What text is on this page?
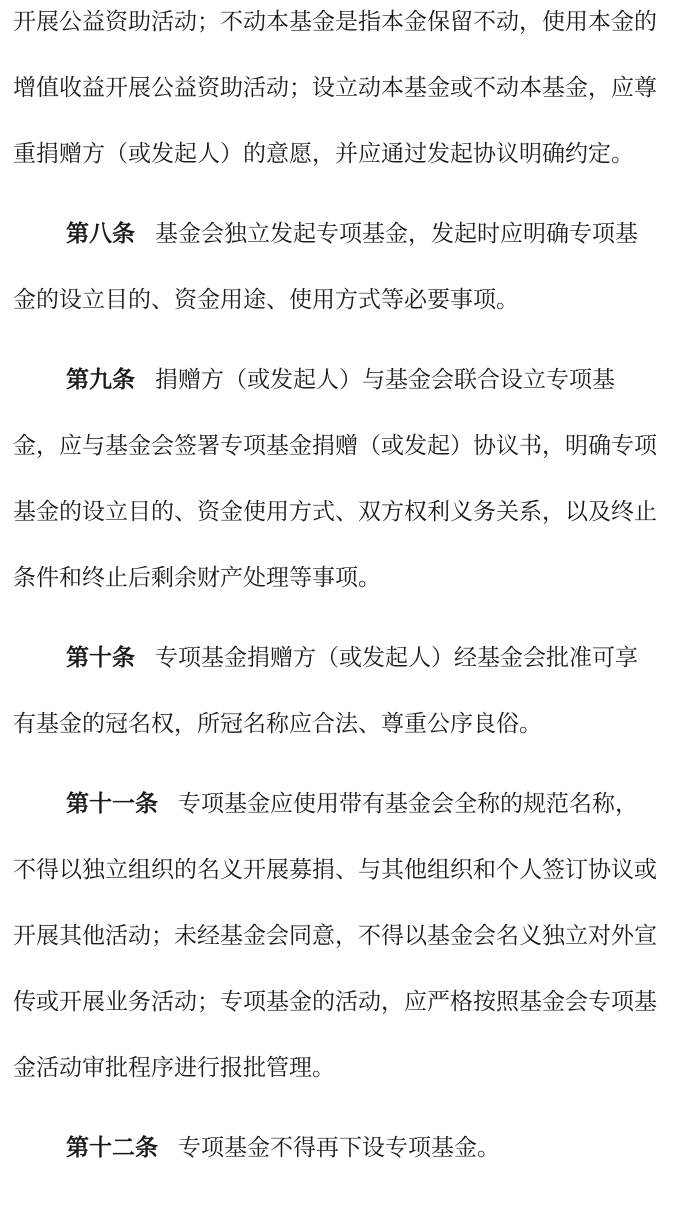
开展公益资助活动；不动本基金是指本金保留不动，使用本金的
增值收益开展公益资助活动；设立动本基金或不动本基金，应尊
重捐赠方（或发起人）的意愿，并应通过发起协议明确约定。
第八条 基金会独立发起专项基金，发起时应明确专项基
金的设立目的、资金用途、使用方式等必要事项。
第九条 捐赠方（或发起人）与基金会联合设立专项基
金，应与基金会签署专项基金捐赠（或发起）协议书，明确专项
基金的设立目的、资金使用方式、双方权利义务关系，以及终止
条件和终止后剩余财产处理等事项。
第十条 专项基金捐赠方（或发起人）经基金会批准可享
有基金的冠名权，所冠名称应合法、尊重公序良俗。
第十一条 专项基金应使用带有基金会全称的规范名称，
不得以独立组织的名义开展募捐、与其他组织和个人签订协议或
开展其他活动；未经基金会同意，不得以基金会名义独立对外宣
传或开展业务活动；专项基金的活动，应严格按照基金会专项基
金活动审批程序进行报批管理。
第十二条 专项基金不得再下设专项基金。
